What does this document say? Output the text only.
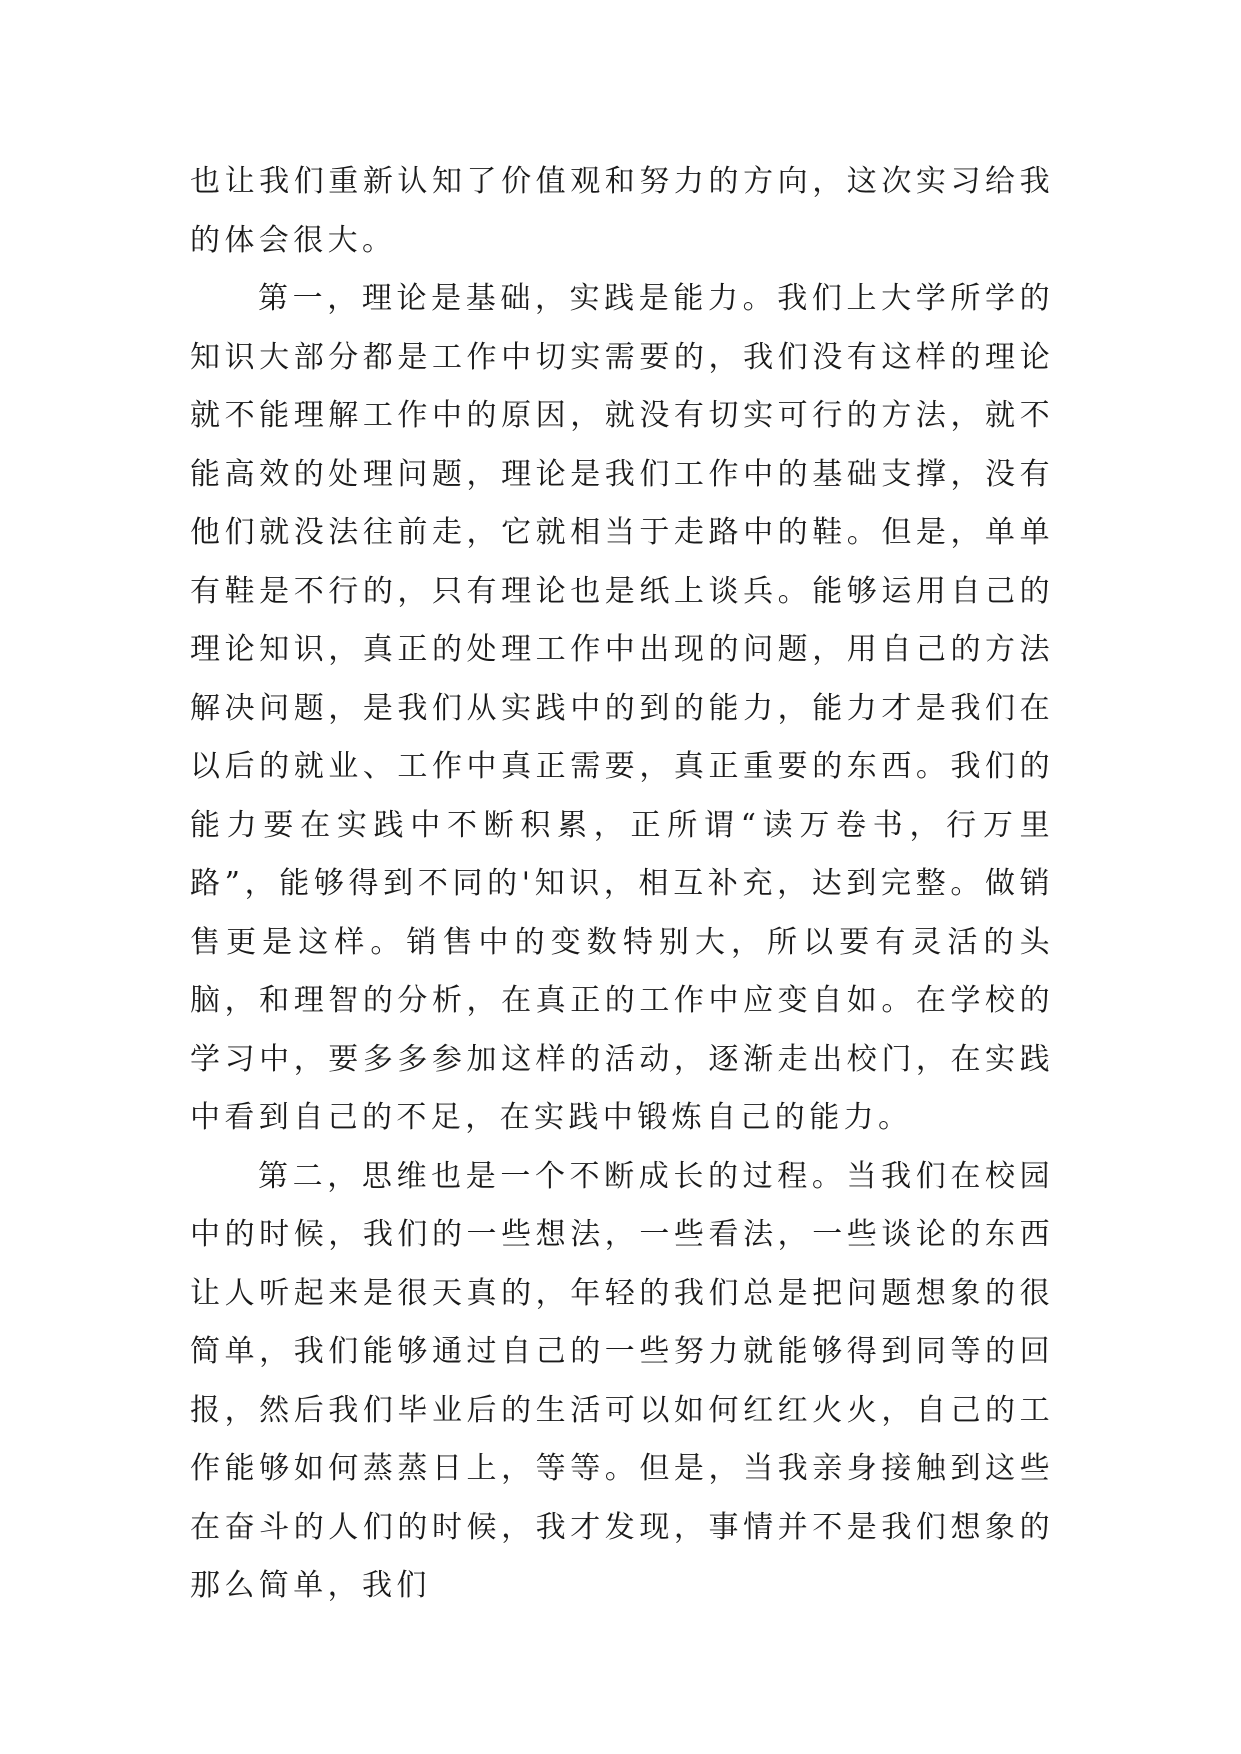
也让我们重新认知了价值观和努力的方向，这次实习给我的体会很大。

第一，理论是基础，实践是能力。我们上大学所学的知识大部分都是工作中切实需要的，我们没有这样的理论就不能理解工作中的原因，就没有切实可行的方法，就不能高效的处理问题，理论是我们工作中的基础支撑，没有他们就没法往前走，它就相当于走路中的鞋。但是，单单有鞋是不行的，只有理论也是纸上谈兵。能够运用自己的理论知识，真正的处理工作中出现的问题，用自己的方法解决问题，是我们从实践中的到的能力，能力才是我们在以后的就业、工作中真正需要，真正重要的东西。我们的能力要在实践中不断积累，正所谓“读万卷书，行万里路”，能够得到不同的'知识，相互补充，达到完整。做销售更是这样。销售中的变数特别大，所以要有灵活的头脑，和理智的分析，在真正的工作中应变自如。在学校的学习中，要多多参加这样的活动，逐渐走出校门，在实践中看到自己的不足，在实践中锻炼自己的能力。

第二，思维也是一个不断成长的过程。当我们在校园中的时候，我们的一些想法，一些看法，一些谈论的东西让人听起来是很天真的，年轻的我们总是把问题想象的很简单，我们能够通过自己的一些努力就能够得到同等的回报，然后我们毕业后的生活可以如何红红火火，自己的工作能够如何蒸蒸日上，等等。但是，当我亲身接触到这些在奋斗的人们的时候，我才发现，事情并不是我们想象的那么简单，我们
